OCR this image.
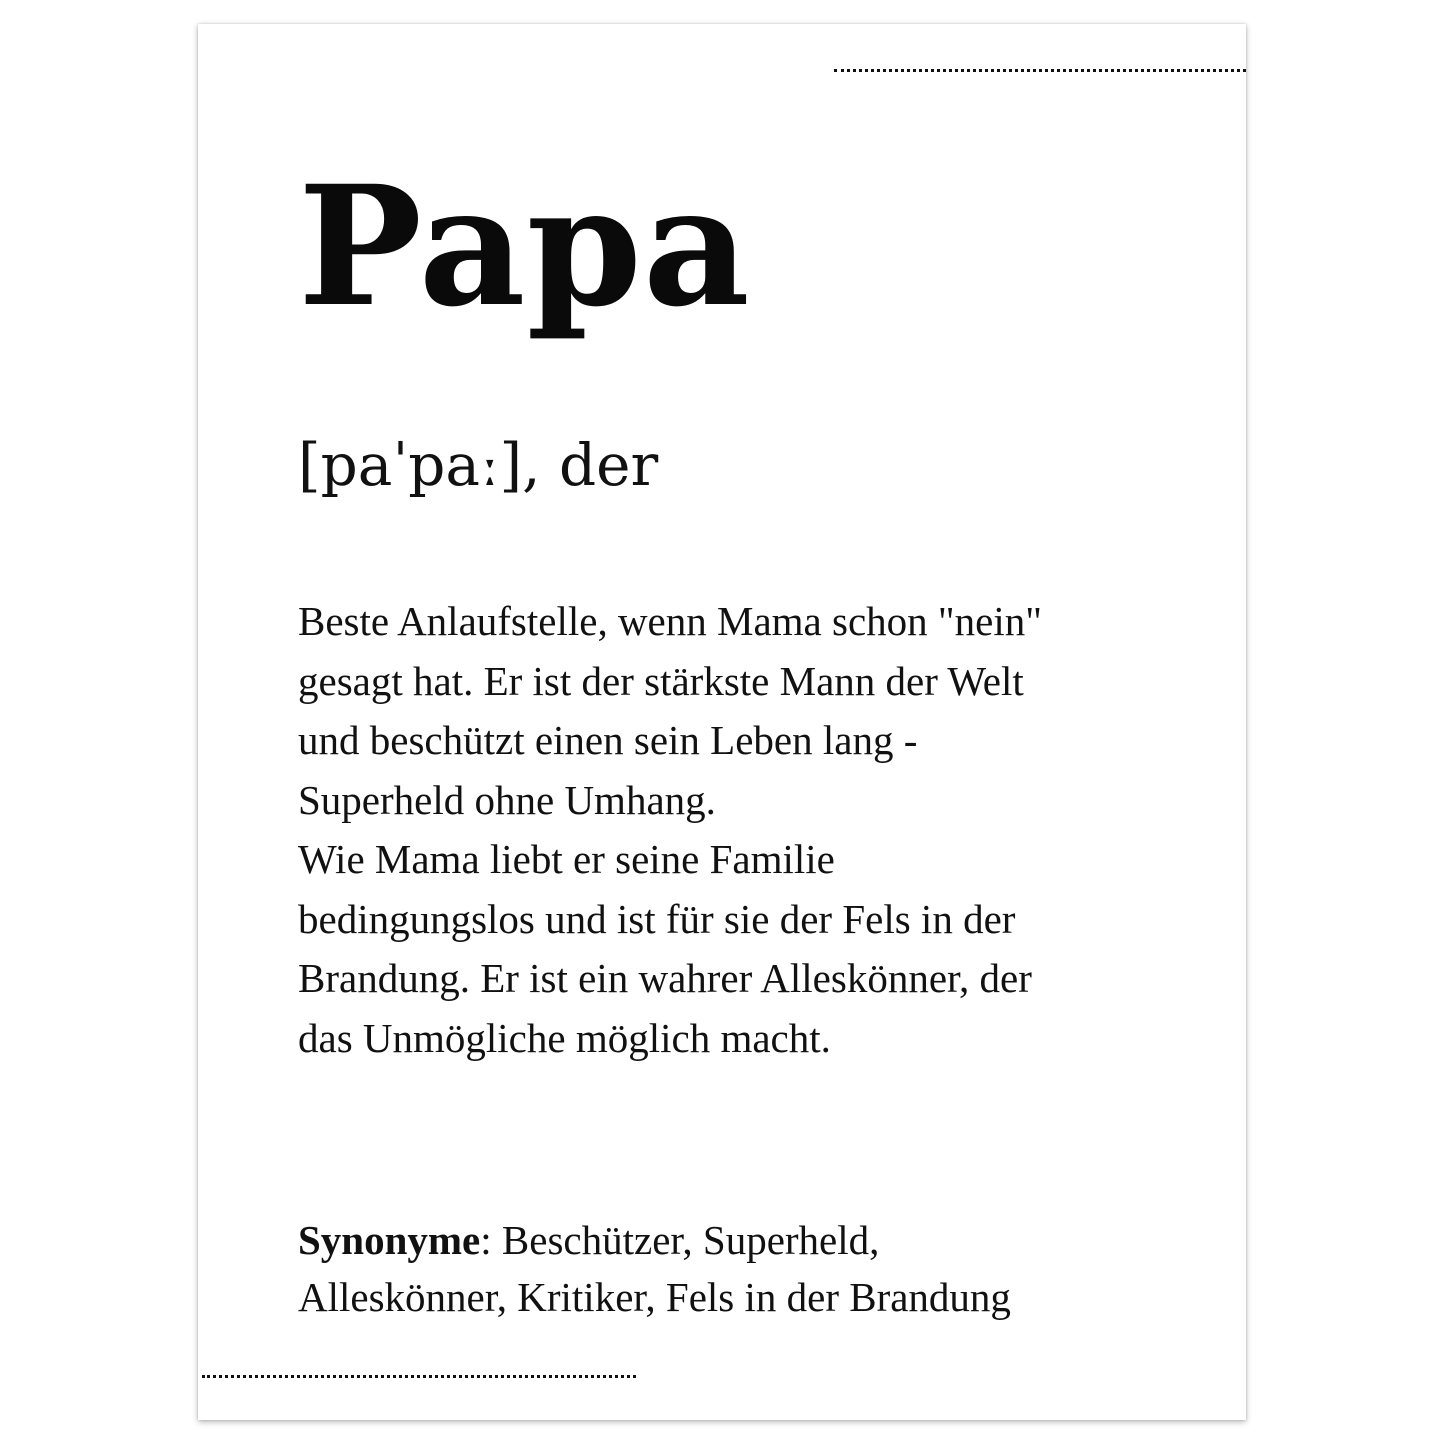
Papa
[paˈpaː], der
Beste Anlaufstelle, wenn Mama schon "nein"
gesagt hat. Er ist der stärkste Mann der Welt
und beschützt einen sein Leben lang -
Superheld ohne Umhang.
Wie Mama liebt er seine Familie
bedingungslos und ist für sie der Fels in der
Brandung. Er ist ein wahrer Alleskönner, der
das Unmögliche möglich macht.
Synonyme: Beschützer, Superheld,
Alleskönner, Kritiker, Fels in der Brandung
